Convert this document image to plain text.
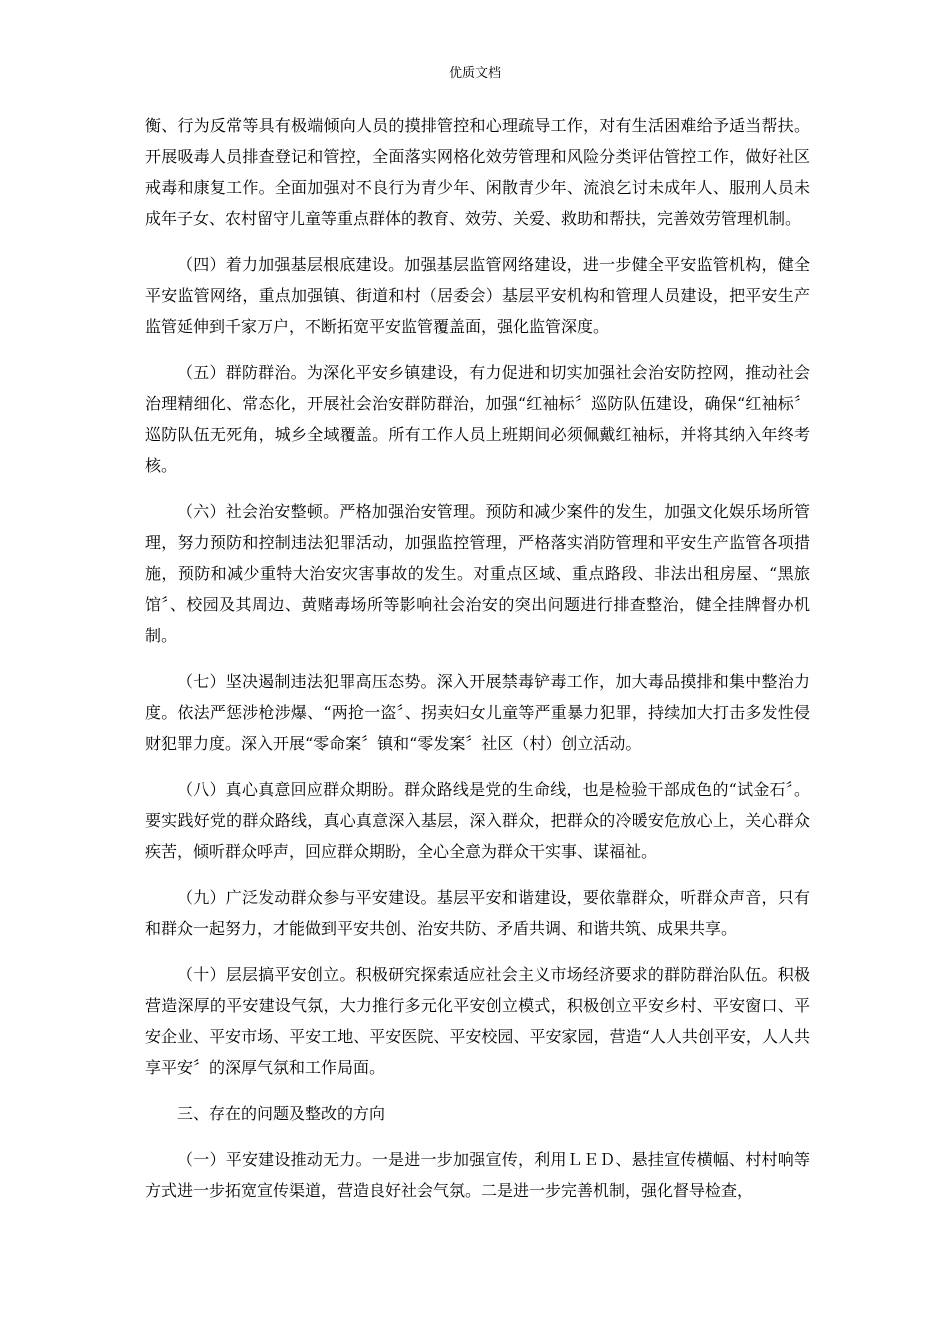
优质文档

衡、行为反常等具有极端倾向人员的摸排管控和心理疏导工作，对有生活困难给予适当帮扶。开展吸毒人员排查登记和管控，全面落实网格化效劳管理和风险分类评估管控工作，做好社区戒毒和康复工作。全面加强对不良行为青少年、闲散青少年、流浪乞讨未成年人、服刑人员未成年子女、农村留守儿童等重点群体的教育、效劳、关爱、救助和帮扶，完善效劳管理机制。

（四）着力加强基层根底建设。加强基层监管网络建设，进一步健全平安监管机构，健全平安监管网络，重点加强镇、街道和村（居委会）基层平安机构和管理人员建设，把平安生产监管延伸到千家万户，不断拓宽平安监管覆盖面，强化监管深度。

（五）群防群治。为深化平安乡镇建设，有力促进和切实加强社会治安防控网，推动社会治理精细化、常态化，开展社会治安群防群治，加强“红袖标〞巡防队伍建设，确保“红袖标〞巡防队伍无死角，城乡全域覆盖。所有工作人员上班期间必须佩戴红袖标，并将其纳入年终考核。

（六）社会治安整顿。严格加强治安管理。预防和减少案件的发生，加强文化娱乐场所管理，努力预防和控制违法犯罪活动，加强监控管理，严格落实消防管理和平安生产监管各项措施，预防和减少重特大治安灾害事故的发生。对重点区域、重点路段、非法出租房屋、“黑旅馆〞、校园及其周边、黄赌毒场所等影响社会治安的突出问题进行排查整治，健全挂牌督办机制。

（七）坚决遏制违法犯罪高压态势。深入开展禁毒铲毒工作，加大毒品摸排和集中整治力度。依法严惩涉枪涉爆、“两抢一盗〞、拐卖妇女儿童等严重暴力犯罪，持续加大打击多发性侵财犯罪力度。深入开展“零命案〞镇和“零发案〞社区（村）创立活动。

（八）真心真意回应群众期盼。群众路线是党的生命线，也是检验干部成色的“试金石〞。要实践好党的群众路线，真心真意深入基层，深入群众，把群众的冷暖安危放心上，关心群众疾苦，倾听群众呼声，回应群众期盼，全心全意为群众干实事、谋福祉。

（九）广泛发动群众参与平安建设。基层平安和谐建设，要依靠群众，听群众声音，只有和群众一起努力，才能做到平安共创、治安共防、矛盾共调、和谐共筑、成果共享。

（十）层层搞平安创立。积极研究探索适应社会主义市场经济要求的群防群治队伍。积极营造深厚的平安建设气氛，大力推行多元化平安创立模式，积极创立平安乡村、平安窗口、平安企业、平安市场、平安工地、平安医院、平安校园、平安家园，营造“人人共创平安，人人共享平安〞的深厚气氛和工作局面。

三、存在的问题及整改的方向

（一）平安建设推动无力。一是进一步加强宣传，利用ＬＥＤ、悬挂宣传横幅、村村响等方式进一步拓宽宣传渠道，营造良好社会气氛。二是进一步完善机制，强化督导检查，
